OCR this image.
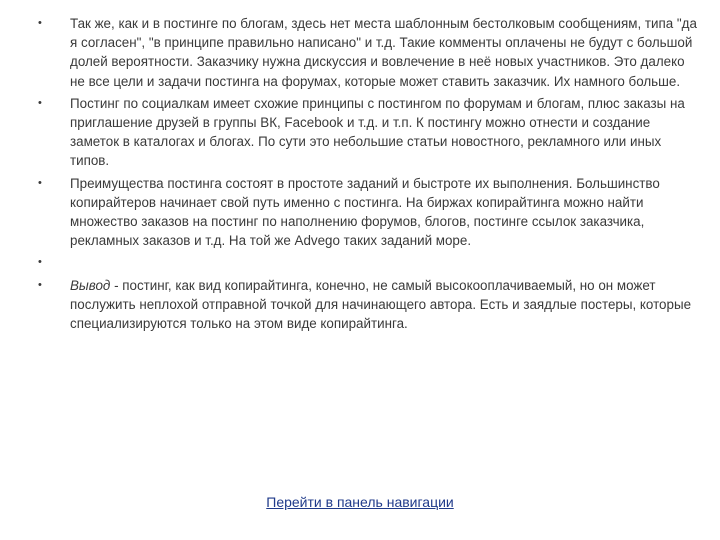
• Так же, как и в постинге по блогам, здесь нет места шаблонным бестолковым сообщениям, типа "да я согласен", "в принципе правильно написано" и т.д. Такие комменты оплачены не будут с большой долей вероятности. Заказчику нужна дискуссия и вовлечение в неё новых участников. Это далеко не все цели и задачи постинга на форумах, которые может ставить заказчик. Их намного больше.
• Постинг по социалкам имеет схожие принципы с постингом по форумам и блогам, плюс заказы на приглашение друзей в группы ВК, Facebook и т.д. и т.п. К постингу можно отнести и создание заметок в каталогах и блогах. По сути это небольшие статьи новостного, рекламного или иных типов.
• Преимущества постинга состоят в простоте заданий и быстроте их выполнения. Большинство копирайтеров начинает свой путь именно с постинга. На биржах копирайтинга можно найти множество заказов на постинг по наполнению форумов, блогов, постинге ссылок заказчика, рекламных заказов и т.д. На той же Advego таких заданий море.
•
• Вывод - постинг, как вид копирайтинга, конечно, не самый высокооплачиваемый, но он может послужить неплохой отправной точкой для начинающего автора. Есть и заядлые постеры, которые специализируются только на этом виде копирайтинга.
Перейти в панель навигации
